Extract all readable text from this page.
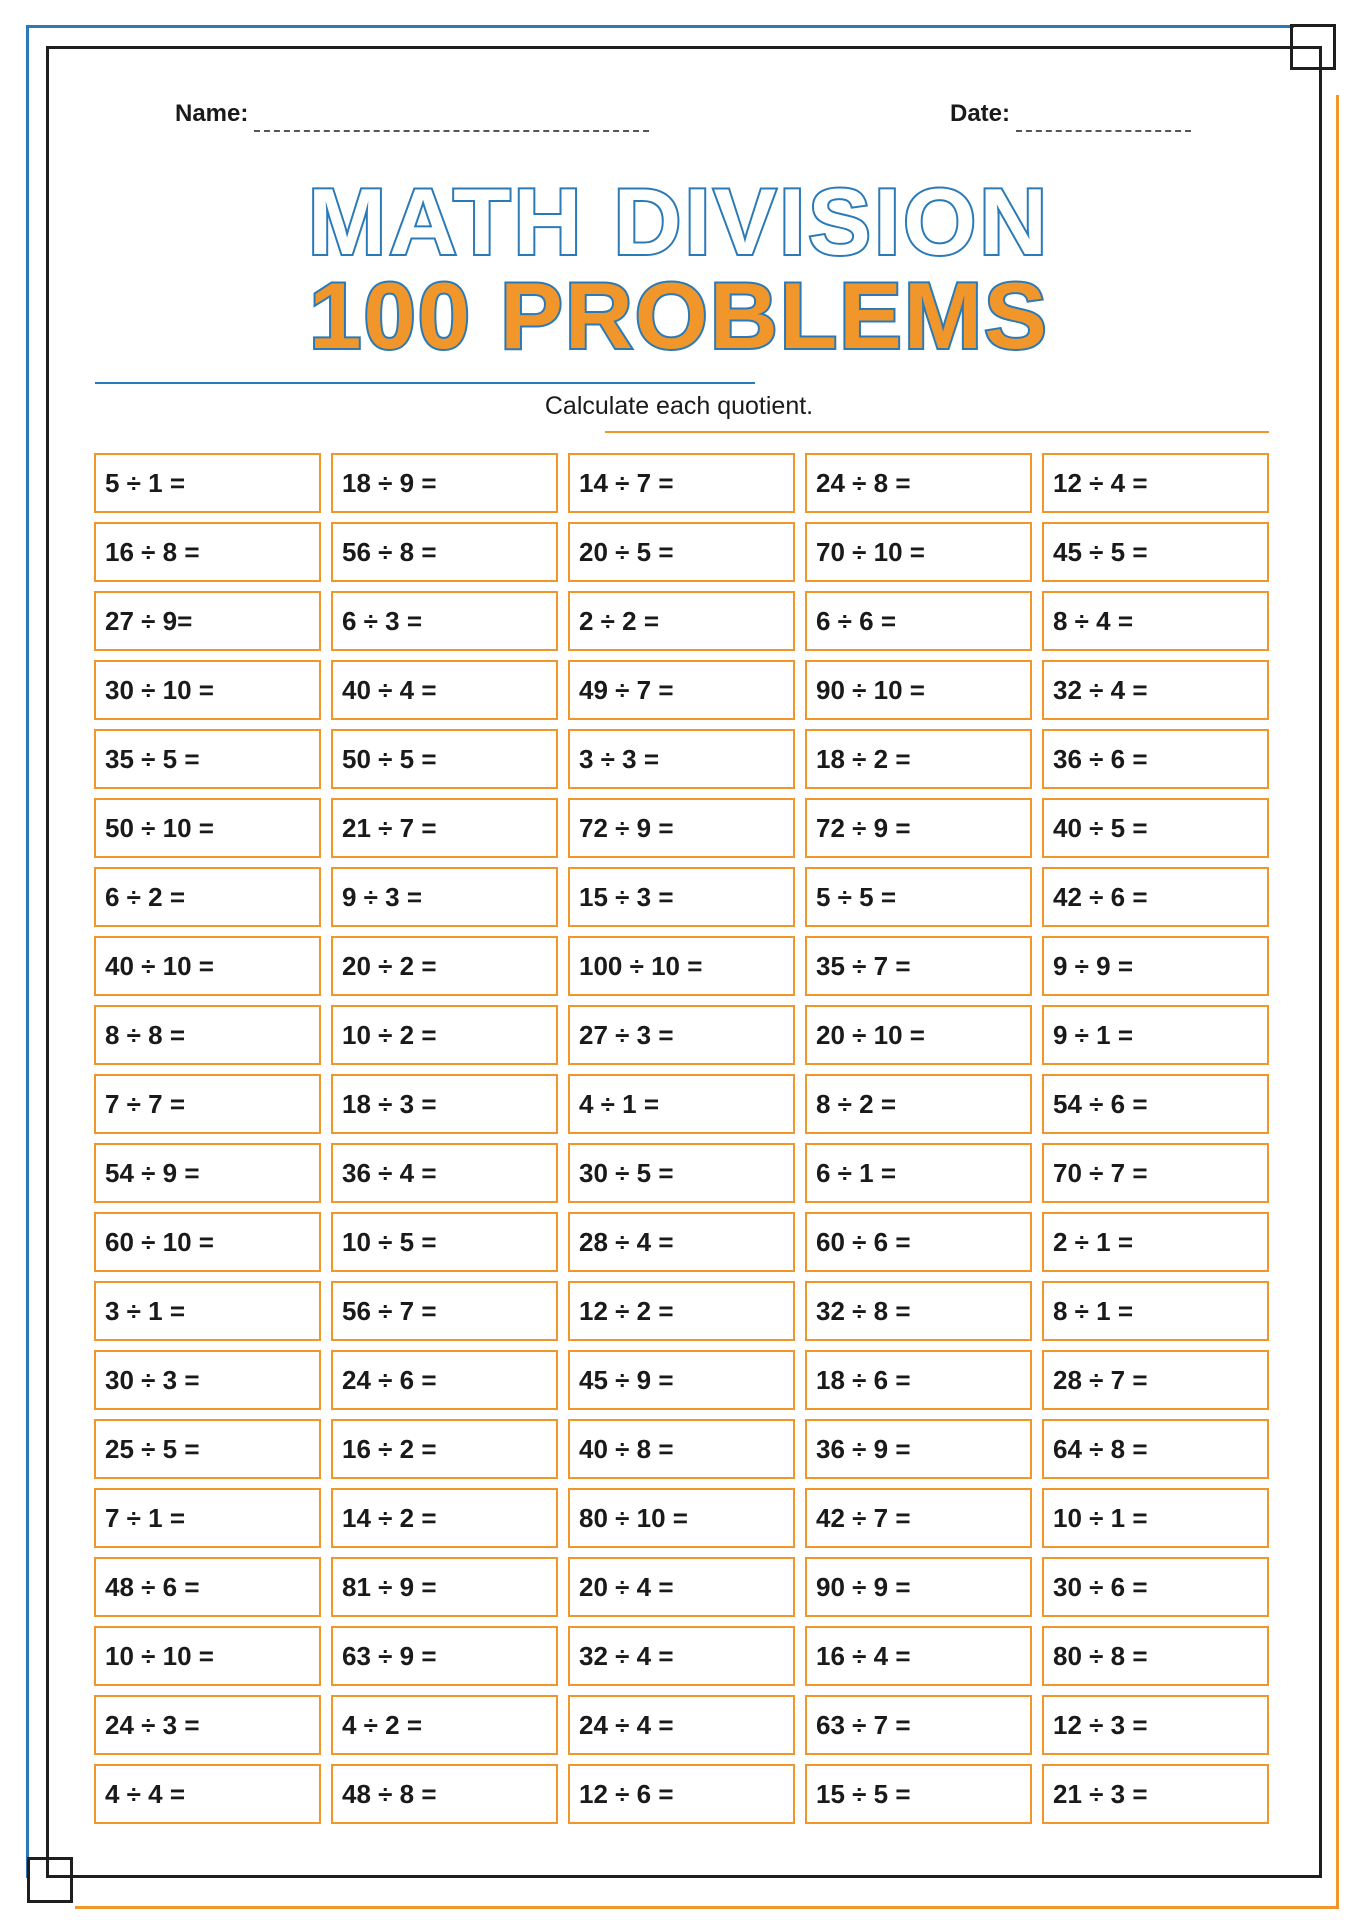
Name:	Date:
MATH DIVISION
100 PROBLEMS
Calculate each quotient.
5 ÷ 1 =	18 ÷ 9 =	14 ÷ 7 =	24 ÷ 8 =	12 ÷ 4 =
16 ÷ 8 =	56 ÷ 8 =	20 ÷ 5 =	70 ÷ 10 =	45 ÷ 5 =
27 ÷ 9=	6 ÷ 3 =	2 ÷ 2 =	6 ÷ 6 =	8 ÷ 4 =
30 ÷ 10 =	40 ÷ 4 =	49 ÷ 7 =	90 ÷ 10 =	32 ÷ 4 =
35 ÷ 5 =	50 ÷ 5 =	3 ÷ 3 =	18 ÷ 2 =	36 ÷ 6 =
50 ÷ 10 =	21 ÷ 7 =	72 ÷ 9 =	72 ÷ 9 =	40 ÷ 5 =
6 ÷ 2 =	9 ÷ 3 =	15 ÷ 3 =	5 ÷ 5 =	42 ÷ 6 =
40 ÷ 10 =	20 ÷ 2 =	100 ÷ 10 =	35 ÷ 7 =	9 ÷ 9 =
8 ÷ 8 =	10 ÷ 2 =	27 ÷ 3 =	20 ÷ 10 =	9 ÷ 1 =
7 ÷ 7 =	18 ÷ 3 =	4 ÷ 1 =	8 ÷ 2 =	54 ÷ 6 =
54 ÷ 9 =	36 ÷ 4 =	30 ÷ 5 =	6 ÷ 1 =	70 ÷ 7 =
60 ÷ 10 =	10 ÷ 5 =	28 ÷ 4 =	60 ÷ 6 =	2 ÷ 1 =
3 ÷ 1 =	56 ÷ 7 =	12 ÷ 2 =	32 ÷ 8 =	8 ÷ 1 =
30 ÷ 3 =	24 ÷ 6 =	45 ÷ 9 =	18 ÷ 6 =	28 ÷ 7 =
25 ÷ 5 =	16 ÷ 2 =	40 ÷ 8 =	36 ÷ 9 =	64 ÷ 8 =
7 ÷ 1 =	14 ÷ 2 =	80 ÷ 10 =	42 ÷ 7 =	10 ÷ 1 =
48 ÷ 6 =	81 ÷ 9 =	20 ÷ 4 =	90 ÷ 9 =	30 ÷ 6 =
10 ÷ 10 =	63 ÷ 9 =	32 ÷ 4 =	16 ÷ 4 =	80 ÷ 8 =
24 ÷ 3 =	4 ÷ 2 =	24 ÷ 4 =	63 ÷ 7 =	12 ÷ 3 =
4 ÷ 4 =	48 ÷ 8 =	12 ÷ 6 =	15 ÷ 5 =	21 ÷ 3 =
